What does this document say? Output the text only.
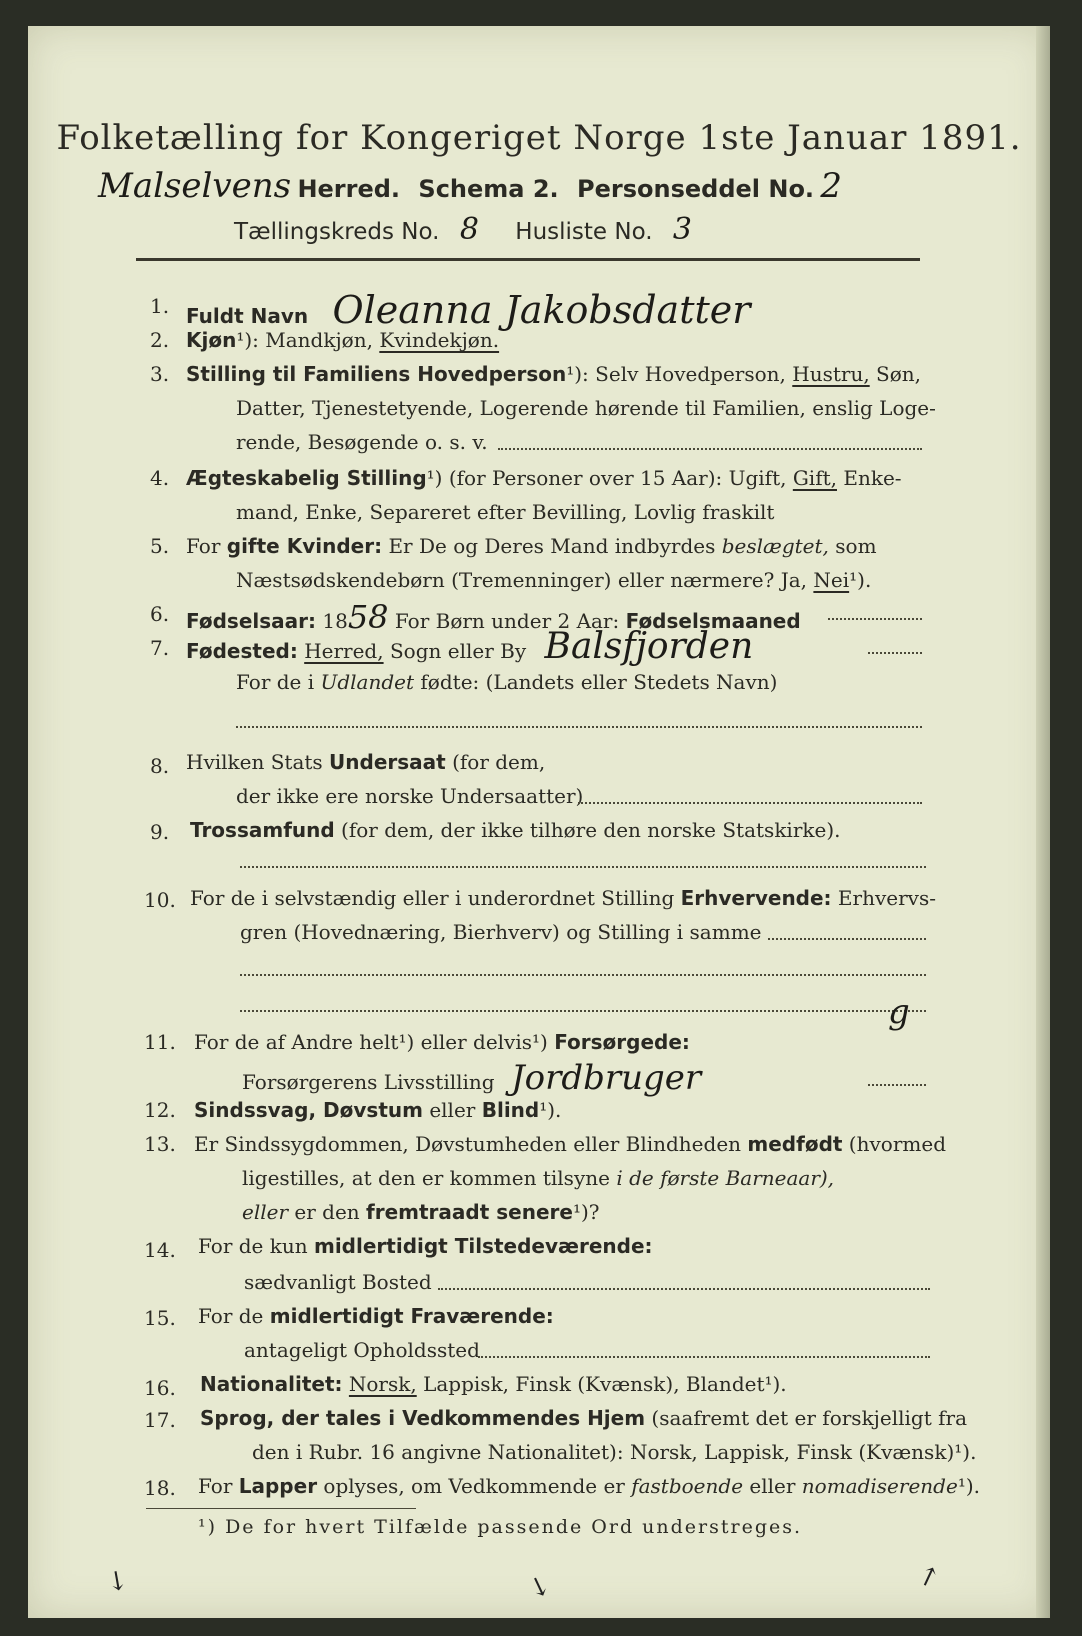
Folketælling for Kongeriget Norge 1ste Januar 1891.
Malselvens Herred. Schema 2. Personseddel No. 2
Tællingskreds No. 8 Husliste No. 3
1. Fuldt Navn Oleanna Jakobsdatter
2. Kjøn¹): Mandkjøn, Kvindekjøn.
3. Stilling til Familiens Hovedperson¹): Selv Hovedperson, Hustru, Søn,
Datter, Tjenestetyende, Logerende hørende til Familien, enslig Loge-
rende, Besøgende o. s. v.
4. Ægteskabelig Stilling¹) (for Personer over 15 Aar): Ugift, Gift, Enke-
mand, Enke, Separeret efter Bevilling, Lovlig fraskilt
5. For gifte Kvinder: Er De og Deres Mand indbyrdes beslægtet, som
Næstsødskendebørn (Tremenninger) eller nærmere? Ja, Nei¹).
6. Fødselsaar: 1858 For Børn under 2 Aar: Fødselsmaaned
7. Fødested: Herred, Sogn eller By Balsfjorden
For de i Udlandet fødte: (Landets eller Stedets Navn)
8. Hvilken Stats Undersaat (for dem,
der ikke ere norske Undersaatter)
9. Trossamfund (for dem, der ikke tilhøre den norske Statskirke).
10. For de i selvstændig eller i underordnet Stilling Erhvervende: Erhvervs-
gren (Hovednæring, Bierhverv) og Stilling i samme
11. For de af Andre helt¹) eller delvis¹) Forsørgede:
g
Forsørgerens Livsstilling Jordbruger
12. Sindssvag, Døvstum eller Blind¹).
13. Er Sindssygdommen, Døvstumheden eller Blindheden medfødt (hvormed
ligestilles, at den er kommen tilsyne i de første Barneaar),
eller er den fremtraadt senere¹)?
14. For de kun midlertidigt Tilstedeværende:
sædvanligt Bosted
15. For de midlertidigt Fraværende:
antageligt Opholdssted
16. Nationalitet: Norsk, Lappisk, Finsk (Kvænsk), Blandet¹).
17. Sprog, der tales i Vedkommendes Hjem (saafremt det er forskjelligt fra
den i Rubr. 16 angivne Nationalitet): Norsk, Lappisk, Finsk (Kvænsk)¹).
18. For Lapper oplyses, om Vedkommende er fastboende eller nomadiserende¹).
¹) De for hvert Tilfælde passende Ord understreges.
↘	↘	↗
